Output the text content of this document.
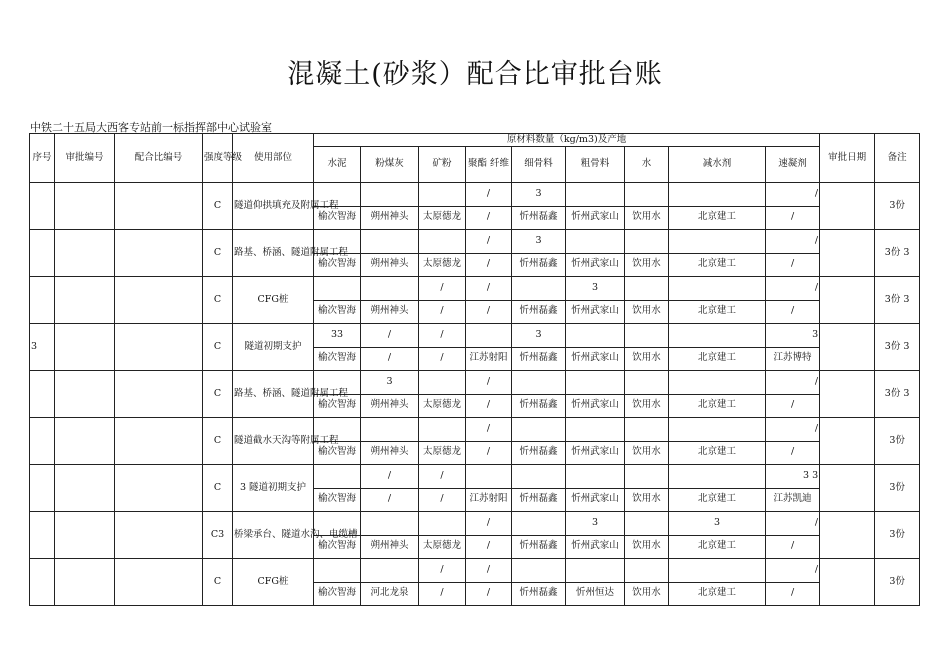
混凝土(砂浆）配合比审批台账
中铁二十五局大西客专站前一标指挥部中心试验室
序号	审批编号	配合比编号	强度等级	使用部位	原材料数量（kg/m3)及产地									审批日期	备注
					水泥	粉煤灰	矿粉	聚酯 纤维	细骨料	粗骨料	水	减水剂	速凝剂		
			C	隧道仰拱填充及附属工程				/	3				/		3份
					榆次智海	朔州神头	太原德龙	/	忻州磊鑫	忻州武家山	饮用水	北京建工	/		
			C	路基、桥涵、隧道附属工程				/	3				/		3份 3
					榆次智海	朔州神头	太原德龙	/	忻州磊鑫	忻州武家山	饮用水	北京建工	/		
			C	CFG桩			/	/		3			/		3份 3
					榆次智海	朔州神头	/	/	忻州磊鑫	忻州武家山	饮用水	北京建工	/		
3			C	隧道初期支护	33	/	/		3				3		3份 3
					榆次智海	/	/	江苏射阳	忻州磊鑫	忻州武家山	饮用水	北京建工	江苏博特		
			C	路基、桥涵、隧道附属工程		3		/					/		3份 3
					榆次智海	朔州神头	太原德龙	/	忻州磊鑫	忻州武家山	饮用水	北京建工	/		
			C	隧道截水天沟等附属工程				/					/		3份
					榆次智海	朔州神头	太原德龙	/	忻州磊鑫	忻州武家山	饮用水	北京建工	/		
			C	3 隧道初期支护		/	/						3 3		3份
					榆次智海	/	/	江苏射阳	忻州磊鑫	忻州武家山	饮用水	北京建工	江苏凯迪		
			C3	桥梁承台、隧道水沟、电缆槽				/		3		3	/		3份
					榆次智海	朔州神头	太原德龙	/	忻州磊鑫	忻州武家山	饮用水	北京建工	/		
			C	CFG桩			/	/					/		3份
					榆次智海	河北龙泉	/	/	忻州磊鑫	忻州恒达	饮用水	北京建工	/		
